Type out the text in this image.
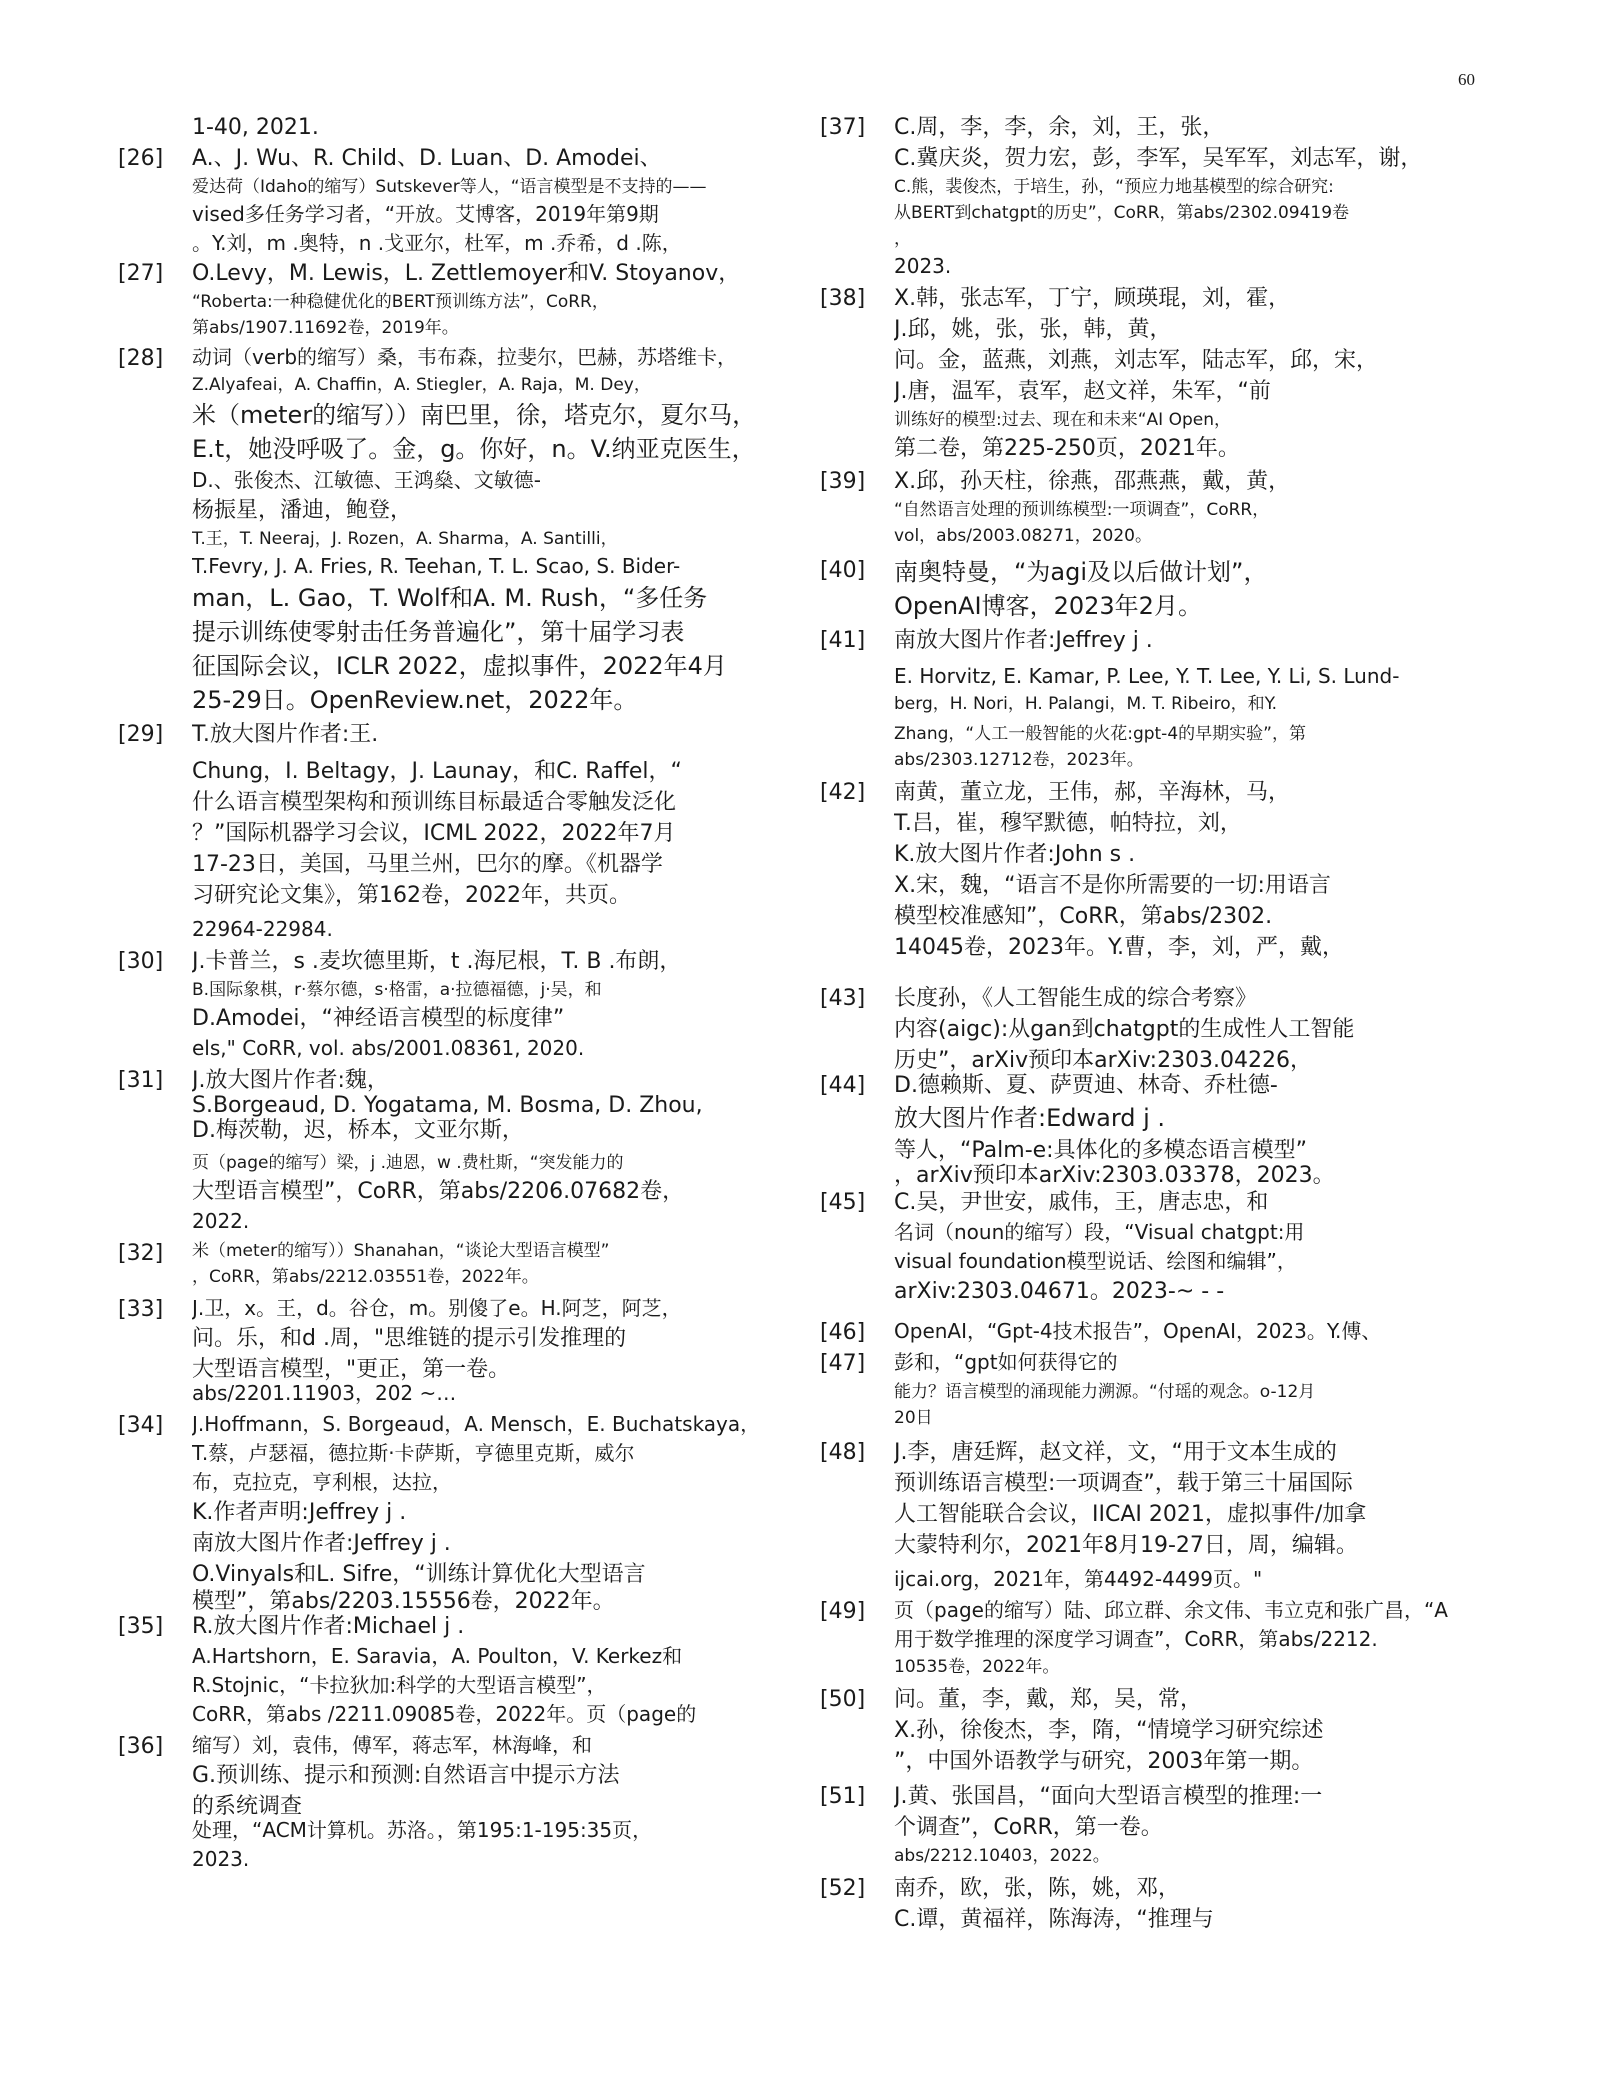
60
1-40, 2021.
[26] A.、J. Wu、R. Child、D. Luan、D. Amodei、
爱达荷（Idaho的缩写）Sutskever等人，“语言模型是不支持的——
vised多任务学习者，“开放。艾博客，2019年第9期
。Y.刘，m .奥特，n .戈亚尔，杜军，m .乔希，d .陈，
[27] O.Levy，M. Lewis，L. Zettlemoyer和V. Stoyanov，
“Roberta:一种稳健优化的BERT预训练方法”，CoRR，
第abs/1907.11692卷，2019年。
[28] 动词（verb的缩写）桑，韦布森，拉斐尔，巴赫，苏塔维卡，
Z.Alyafeai，A. Chaffin，A. Stiegler，A. Raja，M. Dey，
米（meter的缩写））南巴里，徐，塔克尔，夏尔马，
E.t，她没呼吸了。金，g。你好，n。V.纳亚克医生，
D.、张俊杰、江敏德、王鸿燊、文敏德-
杨振星，潘迪，鲍登，
T.王，T. Neeraj，J. Rozen，A. Sharma，A. Santilli，
T.Fevry, J. A. Fries, R. Teehan, T. L. Scao, S. Bider-
man，L. Gao，T. Wolf和A. M. Rush，“多任务
提示训练使零射击任务普遍化”，第十届学习表
征国际会议，ICLR 2022，虚拟事件，2022年4月
25-29日。OpenReview.net，2022年。
[29] T.放大图片作者:王.
Chung，I. Beltagy，J. Launay，和C. Raffel，“
什么语言模型架构和预训练目标最适合零触发泛化
？”国际机器学习会议，ICML 2022，2022年7月
17-23日，美国，马里兰州，巴尔的摩。《机器学
习研究论文集》，第162卷，2022年，共页。
22964-22984.
[30] J.卡普兰，s .麦坎德里斯，t .海尼根，T. B .布朗，
B.国际象棋，r·蔡尔德，s·格雷，a·拉德福德，j·吴，和
D.Amodei，“神经语言模型的标度律”
els," CoRR, vol. abs/2001.08361, 2020.
[31] J.放大图片作者:魏，
S.Borgeaud, D. Yogatama, M. Bosma, D. Zhou,
D.梅茨勒，迟，桥本，文亚尔斯，
页（page的缩写）梁，j .迪恩，w .费杜斯，“突发能力的
大型语言模型”，CoRR，第abs/2206.07682卷，
2022.
[32] 米（meter的缩写））Shanahan，“谈论大型语言模型”
，CoRR，第abs/2212.03551卷，2022年。
[33] J.卫，x。王，d。谷仓，m。别傻了e。H.阿芝，阿芝，
问。乐，和d .周，"思维链的提示引发推理的
大型语言模型，"更正，第一卷。
abs/2201.11903，202 ~…
[34] J.Hoffmann，S. Borgeaud，A. Mensch，E. Buchatskaya，
T.蔡，卢瑟福，德拉斯·卡萨斯，亨德里克斯，威尔
布，克拉克，亨利根，达拉，
K.作者声明:Jeffrey j .
南放大图片作者:Jeffrey j .
O.Vinyals和L. Sifre，“训练计算优化大型语言
模型”，第abs/2203.15556卷，2022年。
[35] R.放大图片作者:Michael j .
A.Hartshorn，E. Saravia，A. Poulton，V. Kerkez和
R.Stojnic，“卡拉狄加:科学的大型语言模型”，
CoRR，第abs /2211.09085卷，2022年。页（page的
[36] 缩写）刘，袁伟，傅军，蒋志军，林海峰，和
G.预训练、提示和预测:自然语言中提示方法
的系统调查
处理，“ACM计算机。苏洛。，第195:1-195:35页，
2023.
[37] C.周，李，李，余，刘，王，张，
C.冀庆炎，贺力宏，彭，李军，吴军军，刘志军，谢，
C.熊，裴俊杰，于培生，孙，“预应力地基模型的综合研究:
从BERT到chatgpt的历史”，CoRR，第abs/2302.09419卷
，
2023.
[38] X.韩，张志军，丁宁，顾瑛琨，刘，霍，
J.邱，姚，张，张，韩，黄，
问。金，蓝燕，刘燕，刘志军，陆志军，邱，宋，
J.唐，温军，袁军，赵文祥，朱军，“前
训练好的模型:过去、现在和未来“AI Open，
第二卷，第225-250页，2021年。
[39] X.邱，孙天柱，徐燕，邵燕燕，戴，黄，
“自然语言处理的预训练模型:一项调查”，CoRR，
vol，abs/2003.08271，2020。
[40] 南奥特曼，“为agi及以后做计划”，
OpenAI博客，2023年2月。
[41] 南放大图片作者:Jeffrey j .
E. Horvitz, E. Kamar, P. Lee, Y. T. Lee, Y. Li, S. Lund-
berg，H. Nori，H. Palangi，M. T. Ribeiro，和Y.
Zhang，“人工一般智能的火花:gpt-4的早期实验”，第
abs/2303.12712卷，2023年。
[42] 南黄，董立龙，王伟，郝，辛海林，马，
T.吕，崔，穆罕默德，帕特拉，刘，
K.放大图片作者:John s .
X.宋，魏，“语言不是你所需要的一切:用语言
模型校准感知”，CoRR，第abs/2302.
14045卷，2023年。Y.曹，李，刘，严，戴，
[43] 长度孙，《人工智能生成的综合考察》
内容(aigc):从gan到chatgpt的生成性人工智能
历史”，arXiv预印本arXiv:2303.04226，
[44] D.德赖斯、夏、萨贾迪、林奇、乔杜德-
放大图片作者:Edward j .
等人，“Palm-e:具体化的多模态语言模型”
，arXiv预印本arXiv:2303.03378，2023。
[45] C.吴，尹世安，戚伟，王，唐志忠，和
名词（noun的缩写）段，“Visual chatgpt:用
visual foundation模型说话、绘图和编辑”，
arXiv:2303.04671。2023-~ - -
[46] OpenAI，“Gpt-4技术报告”，OpenAI，2023。Y.傅、
[47] 彭和，“gpt如何获得它的
能力？语言模型的涌现能力溯源。“付瑶的观念。o-12月
20日
[48] J.李，唐廷辉，赵文祥，文，“用于文本生成的
预训练语言模型:一项调查”，载于第三十届国际
人工智能联合会议，IICAI 2021，虚拟事件/加拿
大蒙特利尔，2021年8月19-27日，周，编辑。
ijcai.org，2021年，第4492-4499页。"
[49] 页（page的缩写）陆、邱立群、余文伟、韦立克和张广昌，“A
用于数学推理的深度学习调查”，CoRR，第abs/2212.
10535卷，2022年。
[50] 问。董，李，戴，郑，吴，常，
X.孙，徐俊杰，李，隋，“情境学习研究综述
”，中国外语教学与研究，2003年第一期。
[51] J.黄、张国昌，“面向大型语言模型的推理:一
个调查”，CoRR，第一卷。
abs/2212.10403，2022。
[52] 南乔，欧，张，陈，姚，邓，
C.谭，黄福祥，陈海涛，“推理与
